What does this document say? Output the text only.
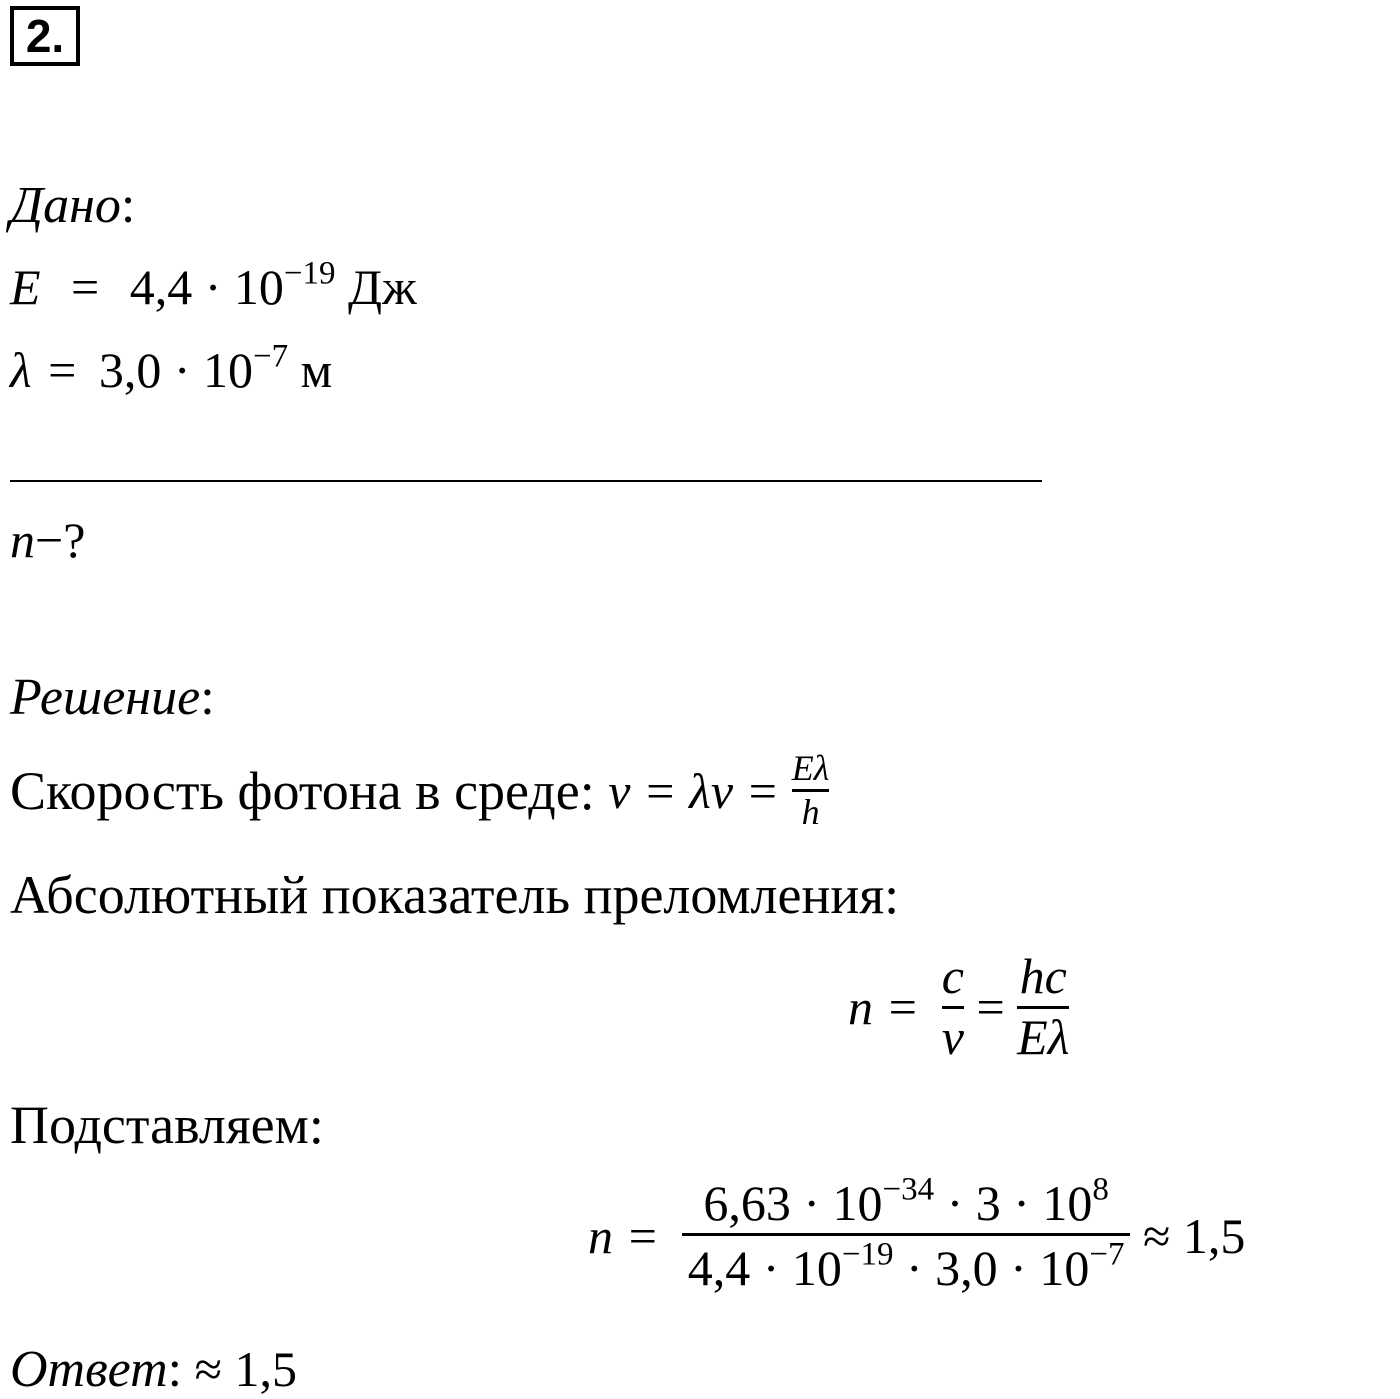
2.
Дано:
$E = 4,4 \cdot 10^{-19}$ Дж
$\lambda = 3,0 \cdot 10^{-7}$ м
n−?
Решение:
Скорость фотона в среде: $v = \lambda\nu = \frac{E\lambda}{h}$
Абсолютный показатель преломления:
$n = \frac{c}{v} = \frac{hc}{E\lambda}$
Подставляем:
$n = \frac{6,63 \cdot 10^{-34} \cdot 3 \cdot 10^8}{4,4 \cdot 10^{-19} \cdot 3,0 \cdot 10^{-7}} \approx 1,5$
Ответ: ≈ 1,5
